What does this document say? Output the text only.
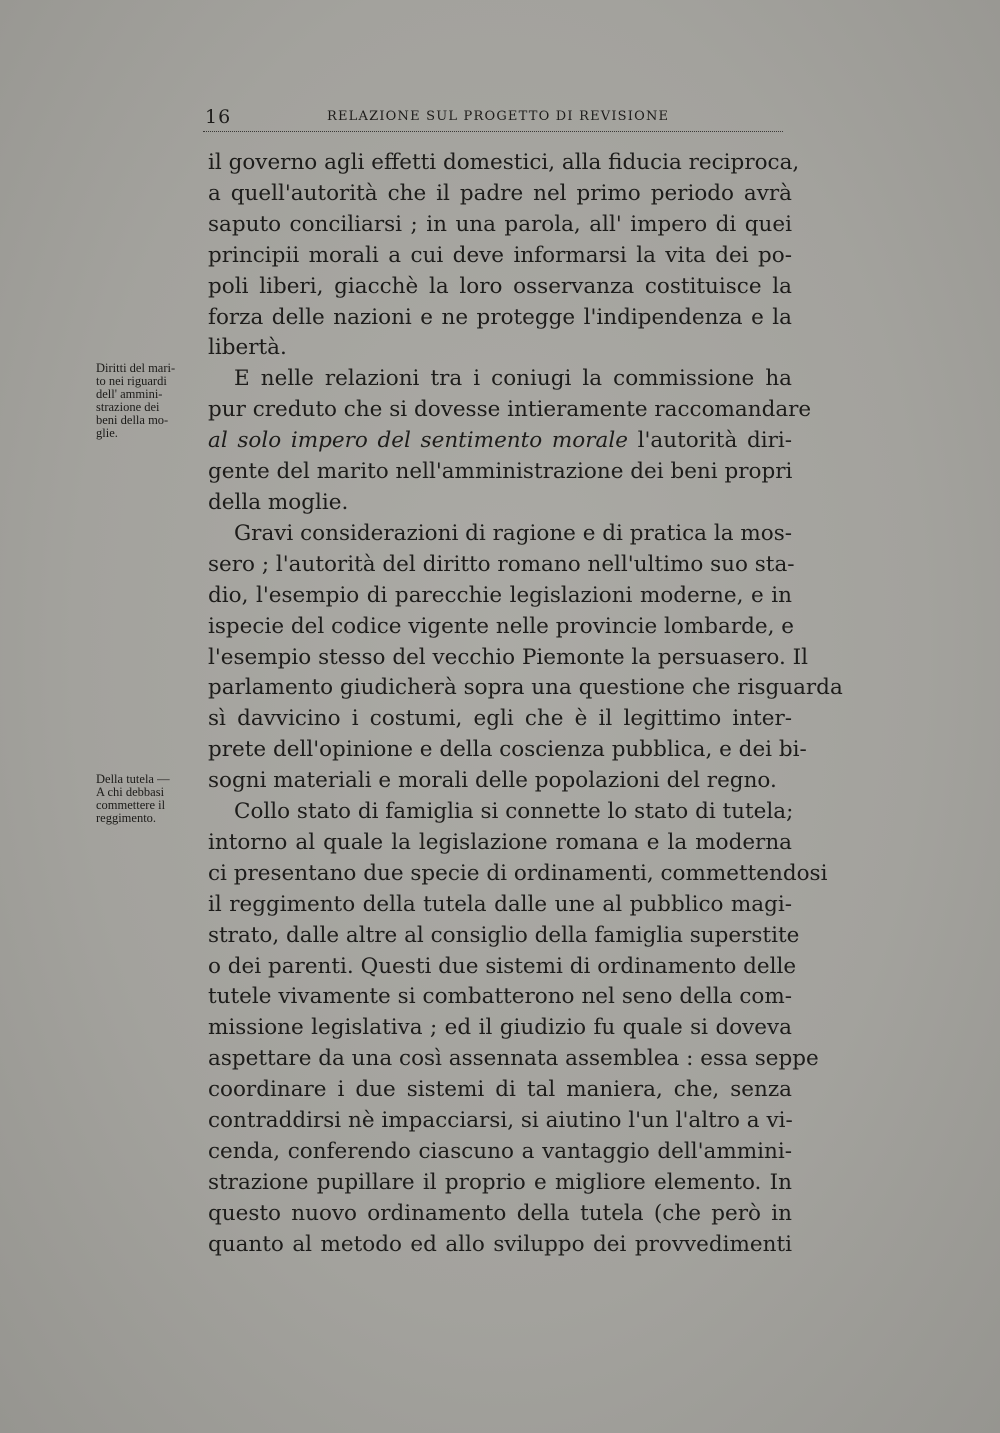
16	RELAZIONE SUL PROGETTO DI REVISIONE
Diritti del mari-
to nei riguardi
dell' ammini-
strazione dei
beni della mo-
glie.
Della tutela —
A chi debbasi
commettere il
reggimento.
il governo agli effetti domestici, alla fiducia reciproca,
a quell'autorità che il padre nel primo periodo avrà
saputo conciliarsi ; in una parola, all' impero di quei
principii morali a cui deve informarsi la vita dei po-
poli liberi, giacchè la loro osservanza costituisce la
forza delle nazioni e ne protegge l'indipendenza e la
libertà.
E nelle relazioni tra i coniugi la commissione ha
pur creduto che si dovesse intieramente raccomandare
al solo impero del sentimento morale l'autorità diri-
gente del marito nell'amministrazione dei beni propri
della moglie.
Gravi considerazioni di ragione e di pratica la mos-
sero ; l'autorità del diritto romano nell'ultimo suo sta-
dio, l'esempio di parecchie legislazioni moderne, e in
ispecie del codice vigente nelle provincie lombarde, e
l'esempio stesso del vecchio Piemonte la persuasero. Il
parlamento giudicherà sopra una questione che risguarda
sì davvicino i costumi, egli che è il legittimo inter-
prete dell'opinione e della coscienza pubblica, e dei bi-
sogni materiali e morali delle popolazioni del regno.
Collo stato di famiglia si connette lo stato di tutela;
intorno al quale la legislazione romana e la moderna
ci presentano due specie di ordinamenti, commettendosi
il reggimento della tutela dalle une al pubblico magi-
strato, dalle altre al consiglio della famiglia superstite
o dei parenti. Questi due sistemi di ordinamento delle
tutele vivamente si combatterono nel seno della com-
missione legislativa ; ed il giudizio fu quale si doveva
aspettare da una così assennata assemblea : essa seppe
coordinare i due sistemi di tal maniera, che, senza
contraddirsi nè impacciarsi, si aiutino l'un l'altro a vi-
cenda, conferendo ciascuno a vantaggio dell'ammini-
strazione pupillare il proprio e migliore elemento. In
questo nuovo ordinamento della tutela (che però in
quanto al metodo ed allo sviluppo dei provvedimenti
